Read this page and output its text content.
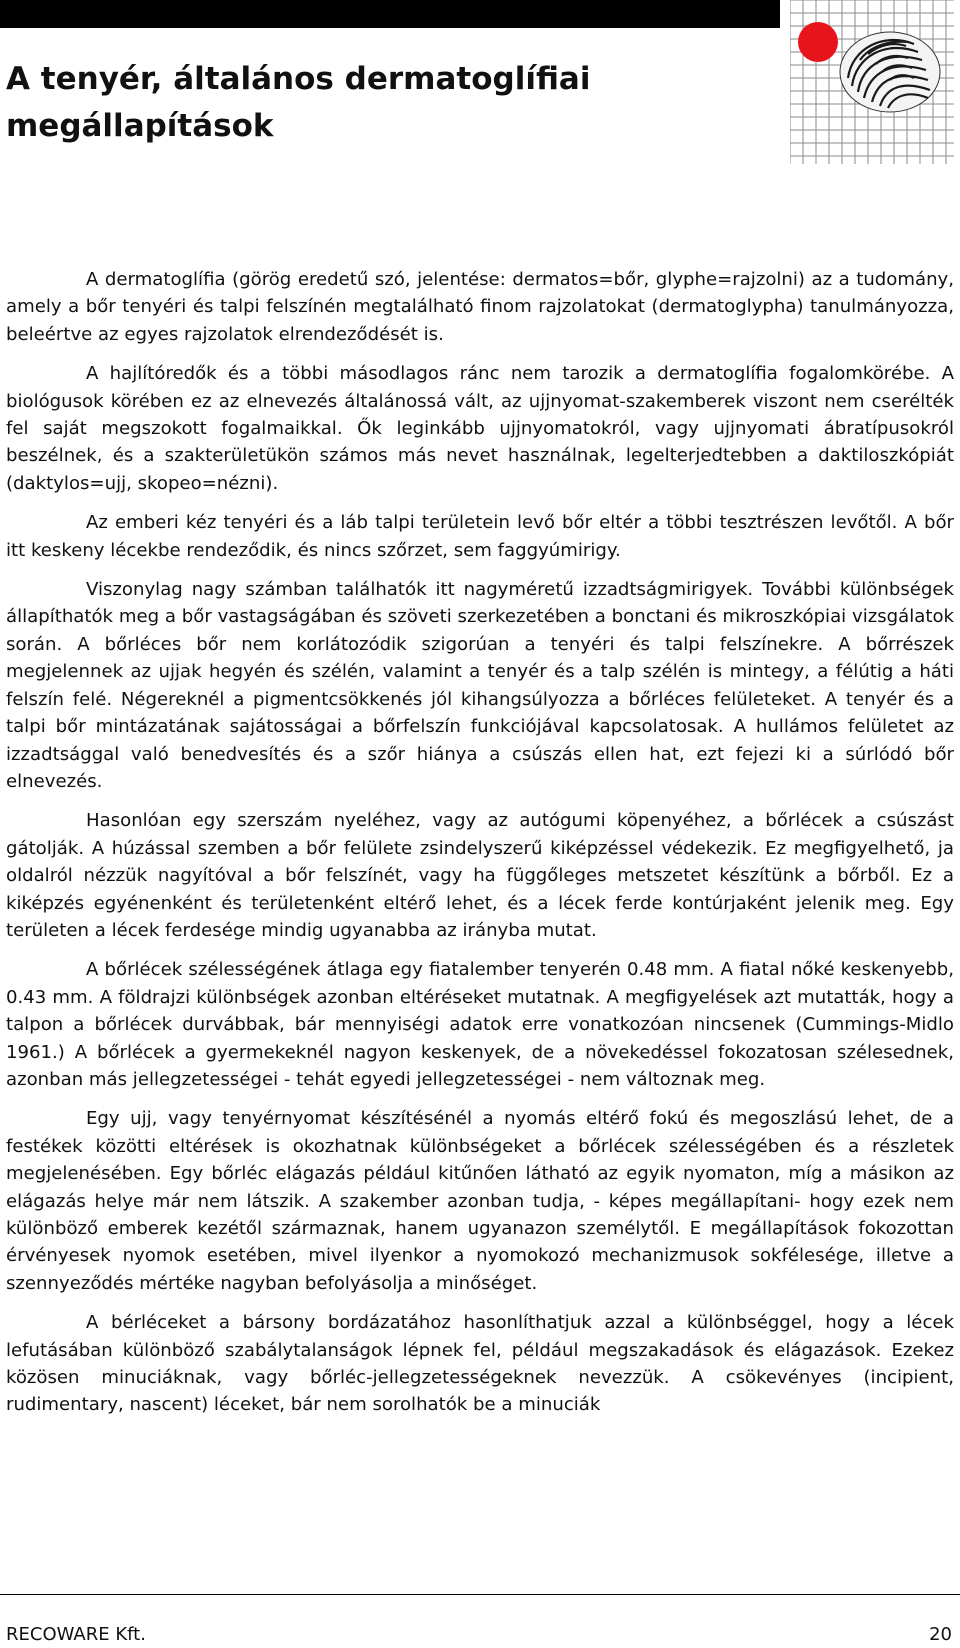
A tenyér, általános dermatoglífiai megállapítások

A dermatoglífia (görög eredetű szó, jelentése: dermatos=bőr, glyphe=rajzolni) az a tudomány, amely a bőr tenyéri és talpi felszínén megtalálható finom rajzolatokat (dermatoglypha) tanulmányozza, beleértve az egyes rajzolatok elrendeződését is.

A hajlítóredők és a többi másodlagos ránc nem tarozik a dermatoglífia fogalomkörébe. A biológusok körében ez az elnevezés általánossá vált, az ujjnyomat-szakemberek viszont nem cserélték fel saját megszokott fogalmaikkal. Ők leginkább ujjnyomatokról, vagy ujjnyomati ábratípusokról beszélnek, és a szakterületükön számos más nevet használnak, legelterjedtebben a daktiloszkópiát (daktylos=ujj, skopeo=nézni).

Az emberi kéz tenyéri és a láb talpi területein levő bőr eltér a többi tesztrészen levőtől. A bőr itt keskeny lécekbe rendeződik, és nincs szőrzet, sem faggyúmirigy.

Viszonylag nagy számban találhatók itt nagyméretű izzadtságmirigyek. További különbségek állapíthatók meg a bőr vastagságában és szöveti szerkezetében a bonctani és mikroszkópiai vizsgálatok során. A bőrléces bőr nem korlátozódik szigorúan a tenyéri és talpi felszínekre. A bőrrészek megjelennek az ujjak hegyén és szélén, valamint a tenyér és a talp szélén is mintegy, a félútig a háti felszín felé. Négereknél a pigmentcsökkenés jól kihangsúlyozza a bőrléces felületeket. A tenyér és a talpi bőr mintázatának sajátosságai a bőrfelszín funkciójával kapcsolatosak. A hullámos felületet az izzadtsággal való benedvesítés és a szőr hiánya a csúszás ellen hat, ezt fejezi ki a súrlódó bőr elnevezés.

Hasonlóan egy szerszám nyeléhez, vagy az autógumi köpenyéhez, a bőrlécek a csúszást gátolják. A húzással szemben a bőr felülete zsindelyszerű kiképzéssel védekezik. Ez megfigyelhető, ja oldalról nézzük nagyítóval a bőr felszínét, vagy ha függőleges metszetet készítünk a bőrből. Ez a kiképzés egyénenként és területenként eltérő lehet, és a lécek ferde kontúrjaként jelenik meg. Egy területen a lécek ferdesége mindig ugyanabba az irányba mutat.

A bőrlécek szélességének átlaga egy fiatalember tenyerén 0.48 mm. A fiatal nőké keskenyebb, 0.43 mm. A földrajzi különbségek azonban eltéréseket mutatnak. A megfigyelések azt mutatták, hogy a talpon a bőrlécek durvábbak, bár mennyiségi adatok erre vonatkozóan nincsenek (Cummings-Midlo 1961.) A bőrlécek a gyermekeknél nagyon keskenyek, de a növekedéssel fokozatosan szélesednek, azonban más jellegzetességei - tehát egyedi jellegzetességei - nem változnak meg.

Egy ujj, vagy tenyérnyomat készítésénél a nyomás eltérő fokú és megoszlású lehet, de a festékek közötti eltérések is okozhatnak különbségeket a bőrlécek szélességében és a részletek megjelenésében. Egy bőrléc elágazás például kitűnően látható az egyik nyomaton, míg a másikon az elágazás helye már nem látszik. A szakember azonban tudja, - képes megállapítani- hogy ezek nem különböző emberek kezétől származnak, hanem ugyanazon személytől. E megállapítások fokozottan érvényesek nyomok esetében, mivel ilyenkor a nyomokozó mechanizmusok sokfélesége, illetve a szennyeződés mértéke nagyban befolyásolja a minőséget.

A bérléceket a bársony bordázatához hasonlíthatjuk azzal a különbséggel, hogy a lécek lefutásában különböző szabálytalanságok lépnek fel, például megszakadások és elágazások. Ezekez közösen minuciáknak, vagy bőrléc-jellegzetességeknek nevezzük. A csökevényes (incipient, rudimentary, nascent) léceket, bár nem sorolhatók be a minuciák

RECOWARE Kft.	20
